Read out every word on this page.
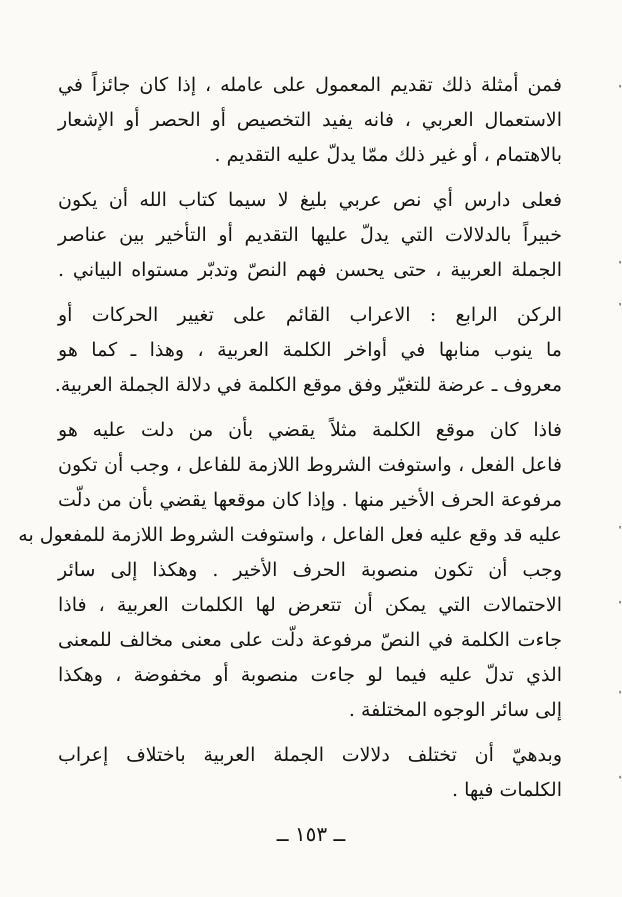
فمن أمثلة ذلك تقديم المعمول على عامله ، إذا كان جائزاً في
الاستعمال العربي ، فانه يفيد التخصيص أو الحصر أو الإشعار
بالاهتمام ، أو غير ذلك ممّا يدلّ عليه التقديم .
فعلى دارس أي نص عربي بليغ لا سيما كتاب الله أن يكون
خبيراً بالدلالات التي يدلّ عليها التقديم أو التأخير بين عناصر
الجملة العربية ، حتى يحسن فهم النصّ وتدبّر مستواه البياني .
الركن الرابع : الاعراب القائم على تغيير الحركات أو
ما ينوب منابها في أواخر الكلمة العربية ، وهذا ـ كما هو
معروف ـ عرضة للتغيّر وفق موقع الكلمة في دلالة الجملة العربية.
فاذا كان موقع الكلمة مثلاً يقضي بأن من دلت عليه هو
فاعل الفعل ، واستوفت الشروط اللازمة للفاعل ، وجب أن تكون
مرفوعة الحرف الأخير منها . وإذا كان موقعها يقضي بأن من دلّت
عليه قد وقع عليه فعل الفاعل ، واستوفت الشروط اللازمة للمفعول به
وجب أن تكون منصوبة الحرف الأخير . وهكذا إلى سائر
الاحتمالات التي يمكن أن تتعرض لها الكلمات العربية ، فاذا
جاءت الكلمة في النصّ مرفوعة دلّت على معنى مخالف للمعنى
الذي تدلّ عليه فيما لو جاءت منصوبة أو مخفوضة ، وهكذا
إلى سائر الوجوه المختلفة .
وبدهيّ أن تختلف دلالات الجملة العربية باختلاف إعراب
الكلمات فيها .
ــ ١٥٣ ــ
